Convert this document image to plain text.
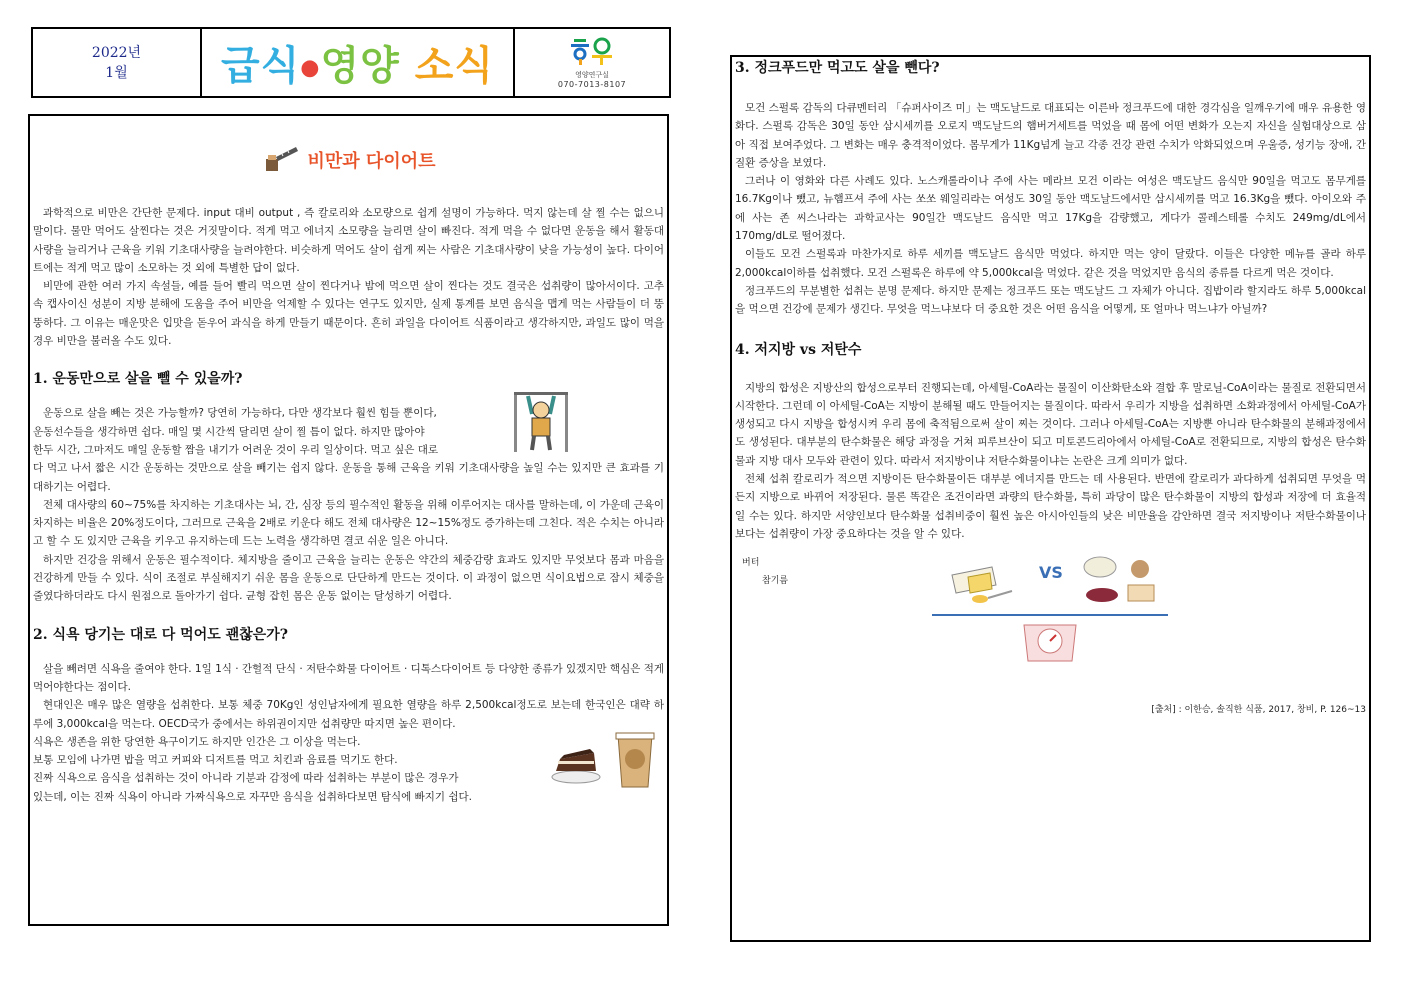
2022년
1월 급식●영양 소식	영양연구실
070-7013-8107
비만과 다이어트

과학적으로 비만은 간단한 문제다. input 대비 output , 즉 칼로리와 소모량으로 쉽게 설명이 가능하다. 먹지 않는데 살 찔 수는 없으니 말이다. 물만 먹어도 살찐다는 것은 거짓말이다. 적게 먹고 에너지 소모량을 늘리면 살이 빠진다. 적게 먹을 수 없다면 운동을 해서 활동대사량을 늘리거나 근육을 키워 기초대사량을 늘려야한다. 비슷하게 먹어도 살이 쉽게 찌는 사람은 기초대사량이 낮을 가능성이 높다. 다이어트에는 적게 먹고 많이 소모하는 것 외에 특별한 답이 없다.

비만에 관한 여러 가지 속설들, 예를 들어 빨리 먹으면 살이 찐다거나 밤에 먹으면 살이 찐다는 것도 결국은 섭취량이 많아서이다. 고추 속 캡사이신 성분이 지방 분해에 도움을 주어 비만을 억제할 수 있다는 연구도 있지만, 실제 통계를 보면 음식을 맵게 먹는 사람들이 더 뚱뚱하다. 그 이유는 매운맛은 입맛을 돋우어 과식을 하게 만들기 때문이다. 흔히 과일을 다이어트 식품이라고 생각하지만, 과일도 많이 먹을 경우 비만을 불러올 수도 있다.

1. 운동만으로 살을 뺄 수 있을까?

운동으로 살을 빼는 것은 가능할까? 당연히 가능하다, 다만 생각보다 훨씬 힘들 뿐이다,

운동선수들을 생각하면 쉽다. 매일 몇 시간씩 달리면 살이 찔 틈이 없다. 하지만 많아야

한두 시간, 그마저도 매일 운동할 짬을 내기가 어려운 것이 우리 일상이다. 먹고 싶은 대로

다 먹고 나서 짧은 시간 운동하는 것만으로 살을 빼기는 쉽지 않다. 운동을 통해 근육을 키워 기초대사량을 높일 수는 있지만 큰 효과를 기대하기는 어렵다.

전체 대사량의 60~75%를 차지하는 기초대사는 뇌, 간, 심장 등의 필수적인 활동을 위해 이루어지는 대사를 말하는데, 이 가운데 근육이 차지하는 비율은 20%정도이다, 그러므로 근육을 2배로 키운다 해도 전체 대사량은 12~15%정도 증가하는데 그친다. 적은 수치는 아니라고 할 수 도 있지만 근육을 키우고 유지하는데 드는 노력을 생각하면 결코 쉬운 일은 아니다.

하지만 건강을 위해서 운동은 필수적이다. 체지방을 줄이고 근육을 늘리는 운동은 약간의 체중감량 효과도 있지만 무엇보다 몸과 마음을 건강하게 만들 수 있다. 식이 조절로 부실해지기 쉬운 몸을 운동으로 단단하게 만드는 것이다. 이 과정이 없으면 식이요법으로 잠시 체중을 줄였다하더라도 다시 원점으로 돌아가기 쉽다. 균형 잡힌 몸은 운동 없이는 달성하기 어렵다.

2. 식욕 당기는 대로 다 먹어도 괜찮은가?

살을 빼려면 식욕을 줄여야 한다. 1일 1식 · 간헐적 단식 · 저탄수화물 다이어트 · 디톡스다이어트 등 다양한 종류가 있겠지만 핵심은 적게 먹어야한다는 점이다.

현대인은 매우 많은 열량을 섭취한다. 보통 체중 70Kg인 성인남자에게 필요한 열량을 하루 2,500kcal정도로 보는데 한국인은 대략 하루에 3,000kcal을 먹는다. OECD국가 중에서는 하위권이지만 섭취량만 따지면 높은 편이다.

식욕은 생존을 위한 당연한 욕구이기도 하지만 인간은 그 이상을 먹는다.

보통 모임에 나가면 밥을 먹고 커피와 디저트를 먹고 치킨과 음료를 먹기도 한다.

진짜 식욕으로 음식을 섭취하는 것이 아니라 기분과 감정에 따라 섭취하는 부분이 많은 경우가

있는데, 이는 진짜 식욕이 아니라 가짜식욕으로 자꾸만 음식을 섭취하다보면 탐식에 빠지기 쉽다.

3. 정크푸드만 먹고도 살을 뺀다?

모건 스펄록 감독의 다큐멘터리 「슈퍼사이즈 미」는 맥도날드로 대표되는 이른바 정크푸드에 대한 경각심을 일깨우기에 매우 유용한 영화다. 스펄록 감독은 30일 동안 삼시세끼를 오로지 맥도날드의 햄버거세트를 먹었을 때 몸에 어떤 변화가 오는지 자신을 실험대상으로 삼아 직접 보여주었다. 그 변화는 매우 충격적이었다. 몸무게가 11Kg넘게 늘고 각종 건강 관련 수치가 악화되었으며 우울증, 성기능 장애, 간 질환 증상을 보였다.

그러나 이 영화와 다른 사례도 있다. 노스캐롤라이나 주에 사는 메라브 모건 이라는 여성은 맥도날드 음식만 90일을 먹고도 몸무게를 16.7Kg이나 뺐고, 뉴햄프셔 주에 사는 쏘쏘 웨일리라는 여성도 30일 동안 맥도날드에서만 삼시세끼를 먹고 16.3Kg을 뺐다. 아이오와 주에 사는 존 씨스나라는 과학교사는 90일간 맥도날드 음식만 먹고 17Kg을 감량했고, 게다가 콜레스테롤 수치도 249mg/dL에서 170mg/dL로 떨어졌다.

이들도 모건 스펄록과 마찬가지로 하루 세끼를 맥도날드 음식만 먹었다. 하지만 먹는 양이 달랐다. 이들은 다양한 메뉴를 골라 하루 2,000kcal이하를 섭취했다. 모건 스펄록은 하루에 약 5,000kcal을 먹었다. 같은 것을 먹었지만 음식의 종류를 다르게 먹은 것이다.

정크푸드의 무분별한 섭취는 분명 문제다. 하지만 문제는 정크푸드 또는 맥도날드 그 자체가 아니다. 집밥이라 할지라도 하루 5,000kcal을 먹으면 건강에 문제가 생긴다. 무엇을 먹느냐보다 더 중요한 것은 어떤 음식을 어떻게, 또 얼마나 먹느냐가 아닐까?

4. 저지방 vs 저탄수

지방의 합성은 지방산의 합성으로부터 진행되는데, 아세틸-CoA라는 물질이 이산화탄소와 결합 후 말로닐-CoA이라는 물질로 전환되면서 시작한다. 그런데 이 아세틸-CoA는 지방이 분해될 때도 만들어지는 물질이다. 따라서 우리가 지방을 섭취하면 소화과정에서 아세틸-CoA가 생성되고 다시 지방을 합성시켜 우리 몸에 축적됨으로써 살이 찌는 것이다. 그러나 아세틸-CoA는 지방뿐 아니라 탄수화물의 분해과정에서도 생성된다. 대부분의 탄수화물은 해당 과정을 거쳐 피루브산이 되고 미토콘드리아에서 아세틸-CoA로 전환되므로, 지방의 합성은 탄수화물과 지방 대사 모두와 관련이 있다. 따라서 저지방이냐 저탄수화물이냐는 논란은 크게 의미가 없다.

전체 섭취 칼로리가 적으면 지방이든 탄수화물이든 대부분 에너지를 만드는 데 사용된다. 반면에 칼로리가 과다하게 섭취되면 무엇을 먹든지 지방으로 바뀌어 저장된다. 물론 똑같은 조건이라면 과량의 탄수화물, 특히 과당이 많은 탄수화물이 지방의 합성과 저장에 더 효율적일 수는 있다. 하지만 서양인보다 탄수화물 섭취비중이 훨씬 높은 아시아인들의 낮은 비만율을 감안하면 결국 저지방이나 저탄수화물이나 보다는 섭취량이 가장 중요하다는 것을 알 수 있다.

버터
참기름	VS

[출처] : 이한승, 솔직한 식품, 2017, 창비, P. 126~13
